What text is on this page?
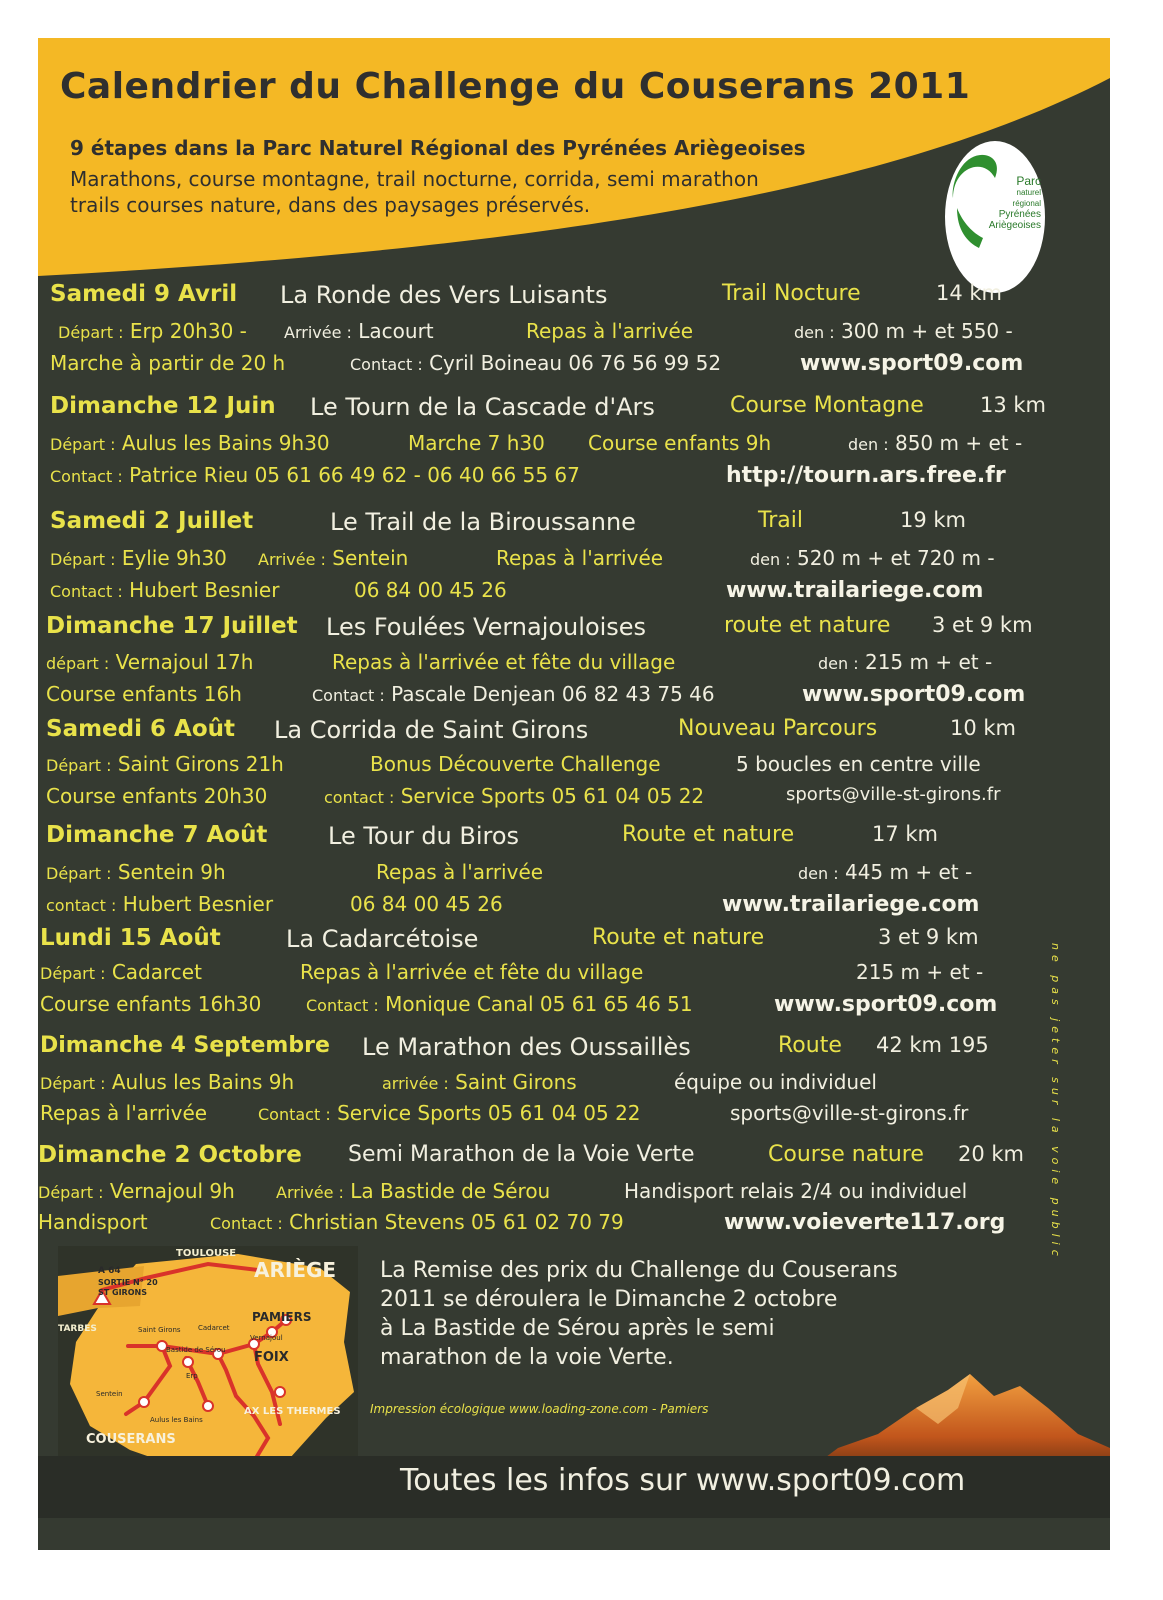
Calendrier du Challenge du Couserans 2011
9 étapes dans la Parc Naturel Régional des Pyrénées Ariègeoises
Marathons, course montagne, trail nocturne, corrida, semi marathon
trails courses nature, dans des paysages préservés.
Parc
naturel
régional
Pyrénées
Ariègeoises
Samedi 9 Avril La Ronde des Vers Luisants	Trail Nocture	14 km
Départ : Erp 20h30 - Arrivée : Lacourt	Repas à l'arrivée	den : 300 m + et 550 -
Marche à partir de 20 h	Contact : Cyril Boineau 06 76 56 99 52	www.sport09.com
Dimanche 12 Juin Le Tourn de la Cascade d'Ars	Course Montagne	13 km
Départ : Aulus les Bains 9h30	Marche 7 h30 Course enfants 9h	den : 850 m + et -
Contact : Patrice Rieu 05 61 66 49 62 - 06 40 66 55 67	http://tourn.ars.free.fr
Samedi 2 Juillet	Le Trail de la Biroussanne	Trail	19 km
Départ : Eylie 9h30 Arrivée : Sentein	Repas à l'arrivée	den : 520 m + et 720 m -
Contact : Hubert Besnier	06 84 00 45 26	www.trailariege.com
Dimanche 17 Juillet Les Foulées Vernajouloises	route et nature 3 et 9 km
départ : Vernajoul 17h	Repas à l'arrivée et fête du village	den : 215 m + et -
Course enfants 16h	Contact : Pascale Denjean 06 82 43 75 46	www.sport09.com
Samedi 6 Août La Corrida de Saint Girons	Nouveau Parcours	10 km
Départ : Saint Girons 21h	Bonus Découverte Challenge	5 boucles en centre ville
Course enfants 20h30	contact : Service Sports 05 61 04 05 22	sports@ville-st-girons.fr
Dimanche 7 Août	Le Tour du Biros	Route et nature	17 km
Départ : Sentein 9h	Repas à l'arrivée	den : 445 m + et -
contact : Hubert Besnier	06 84 00 45 26	www.trailariege.com
Lundi 15 Août	La Cadarcétoise	Route et nature	3 et 9 km
Départ : Cadarcet	Repas à l'arrivée et fête du village	215 m + et -
Course enfants 16h30	Contact : Monique Canal 05 61 65 46 51	www.sport09.com
Dimanche 4 Septembre Le Marathon des Oussaillès	Route 42 km 195
Départ : Aulus les Bains 9h	arrivée : Saint Girons	équipe ou individuel
Repas à l'arrivée	Contact : Service Sports 05 61 04 05 22	sports@ville-st-girons.fr
Dimanche 2 Octobre Semi Marathon de la Voie Verte	Course nature 20 km
Départ : Vernajoul 9h	Arrivée : La Bastide de Sérou	Handisport relais 2/4 ou individuel
Handisport	Contact : Christian Stevens 05 61 02 70 79	www.voieverte117.org	ne pas jeter sur la voie public
TOULOUSE
ARIÈGE
A 64
SORTIE N° 20
ST GIRONS
TARBES
PAMIERS
Saint Girons Cadarcet
Vernajoul
Bastide de Sérou FOIX
Erp
Sentein
Aulus les Bains
AX LES THERMES
COUSERANS
La Remise des prix du Challenge du Couserans
2011 se déroulera le Dimanche 2 octobre
à La Bastide de Sérou après le semi
marathon de la voie Verte.
Impression écologique www.loading-zone.com - Pamiers
Toutes les infos sur www.sport09.com
